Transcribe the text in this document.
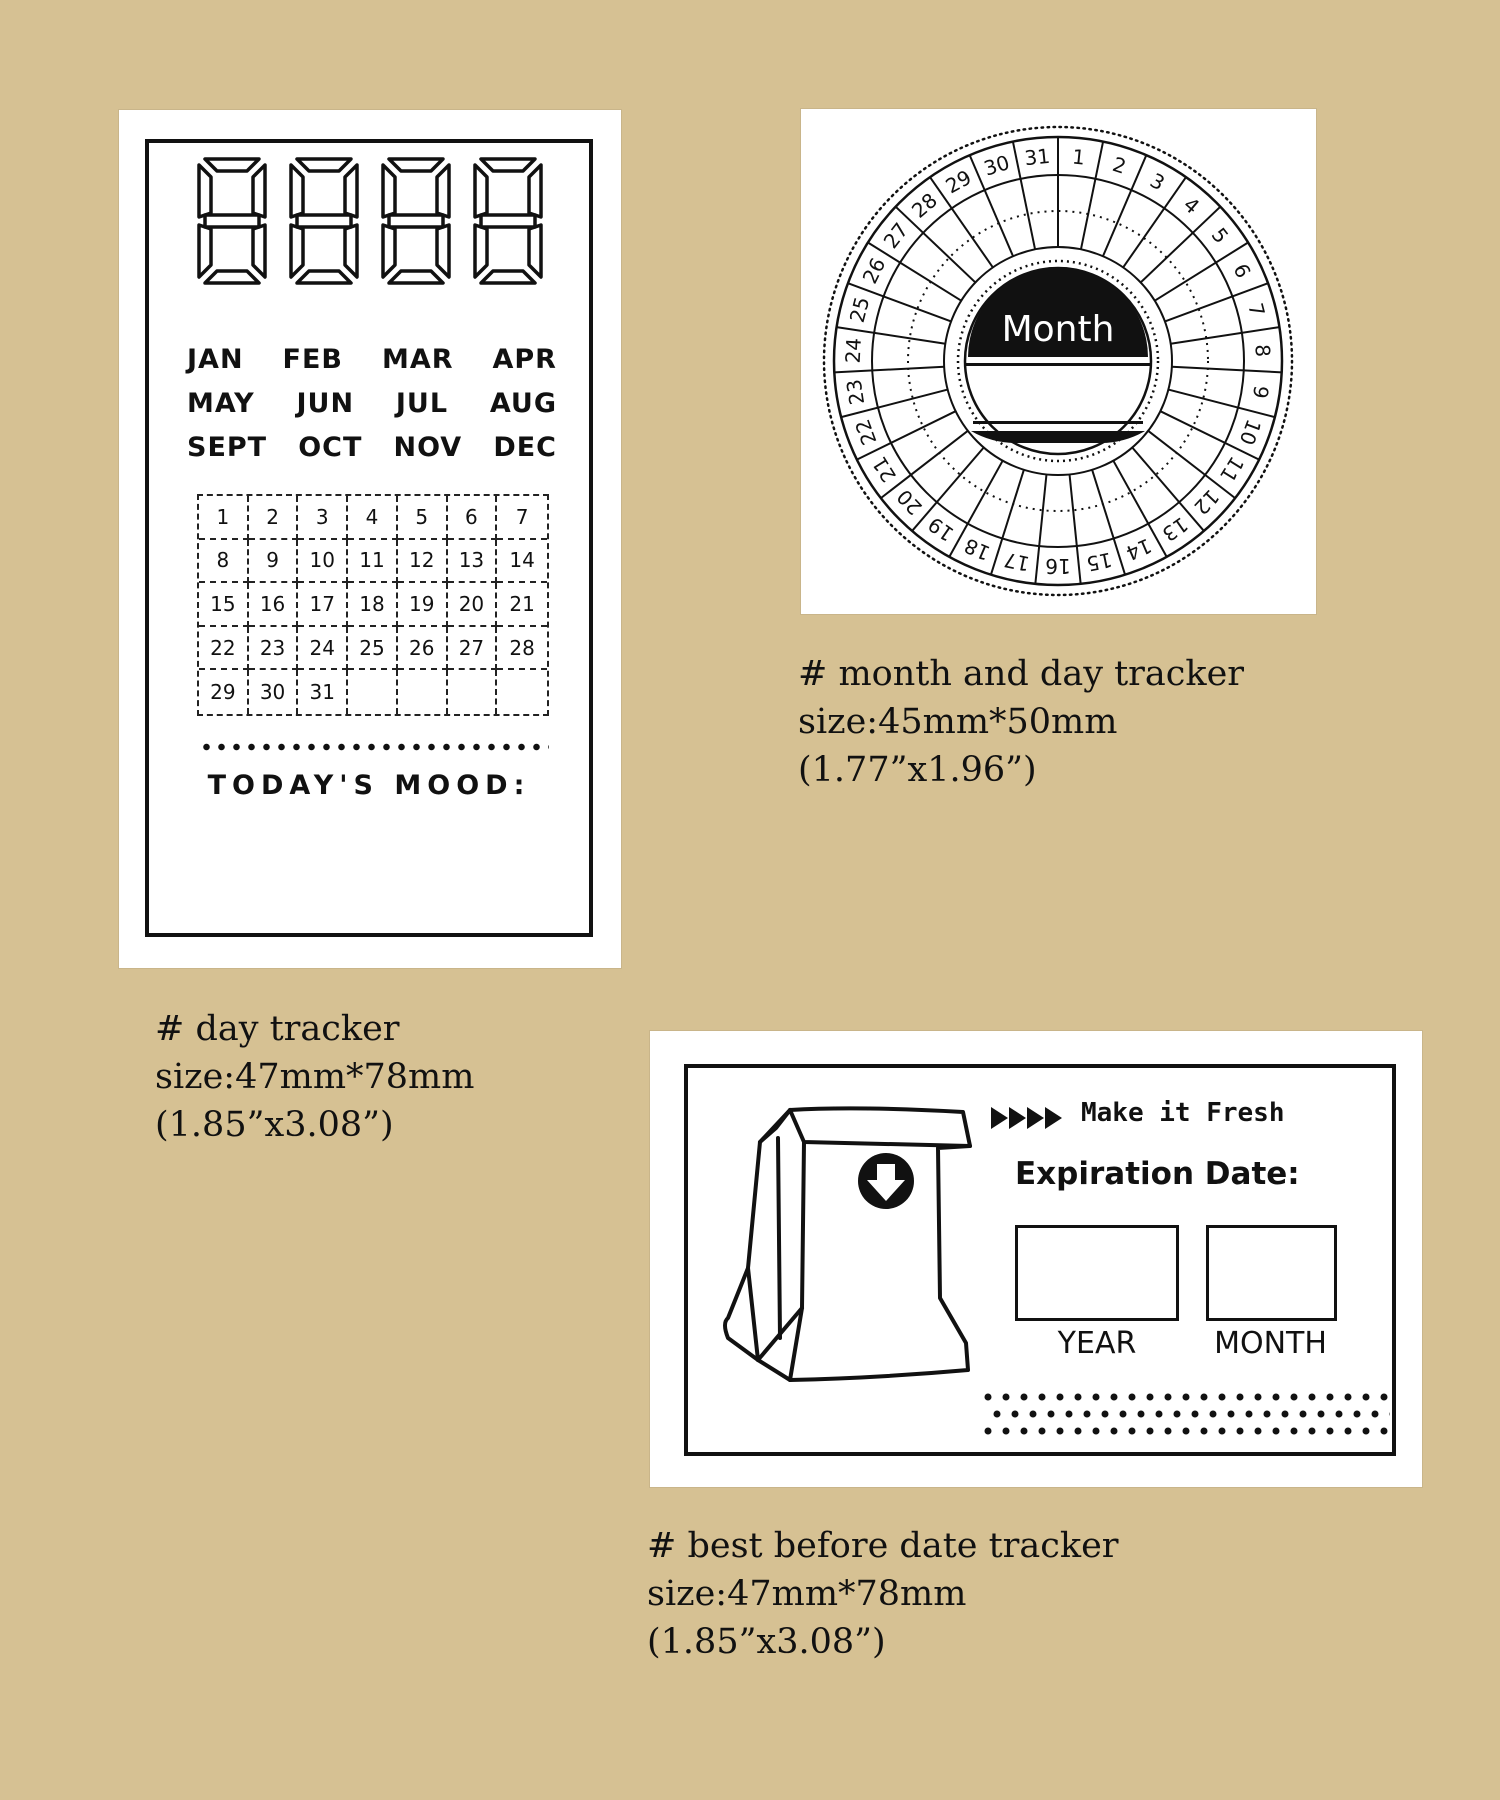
JAN FEB MAR APR
MAY JUN JUL AUG
SEPT OCT NOV DEC
1	2	3	4	5	6	7
8	9	10	11	12	13	14
15	16	17	18	19	20	21
22	23	24	25	26	27	28
29	30	31
TODAY'S MOOD:
# day tracker
size:47mm*78mm
(1.85”x3.08”)
1 2
3
4
5
6
7
8
9
10
11
12
13
14
15
16
17
18
19
20
21
22
23
24
25
26
27
28
29 30 31
Month
# month and day tracker
size:45mm*50mm
(1.77”x1.96”)
Make it Fresh
Expiration Date:
YEAR	MONTH
# best before date tracker
size:47mm*78mm
(1.85”x3.08”)
